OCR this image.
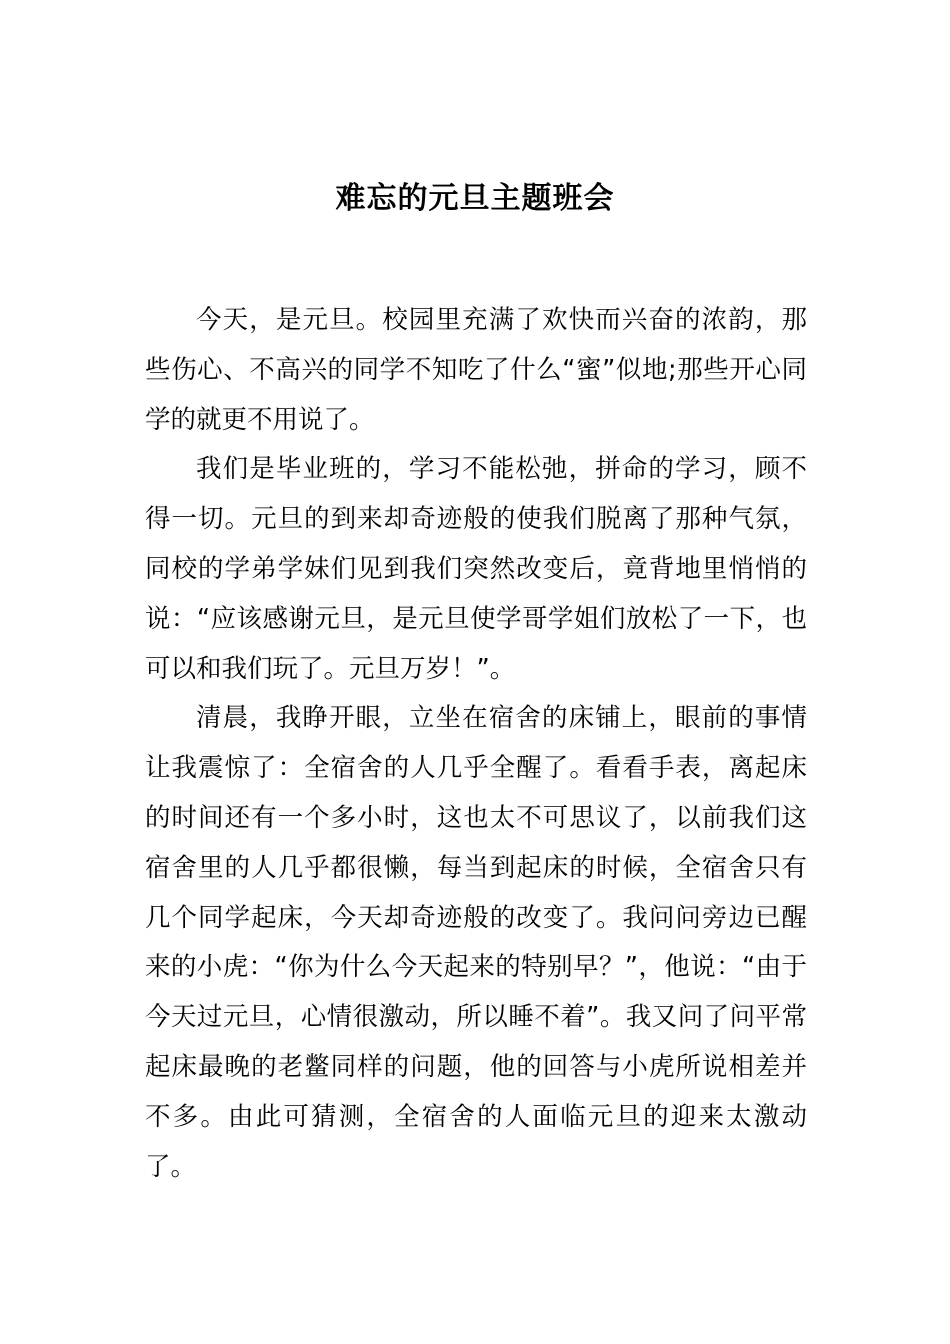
难忘的元旦主题班会

今天，是元旦。校园里充满了欢快而兴奋的浓韵，那些伤心、不高兴的同学不知吃了什么“蜜”似地;那些开心同学的就更不用说了。

我们是毕业班的，学习不能松弛，拼命的学习，顾不得一切。元旦的到来却奇迹般的使我们脱离了那种气氛，同校的学弟学妹们见到我们突然改变后，竟背地里悄悄的说：“应该感谢元旦，是元旦使学哥学姐们放松了一下，也可以和我们玩了。元旦万岁！”。

清晨，我睁开眼，立坐在宿舍的床铺上，眼前的事情让我震惊了：全宿舍的人几乎全醒了。看看手表，离起床的时间还有一个多小时，这也太不可思议了，以前我们这宿舍里的人几乎都很懒，每当到起床的时候，全宿舍只有几个同学起床，今天却奇迹般的改变了。我问问旁边已醒来的小虎：“你为什么今天起来的特别早？”，他说：“由于今天过元旦，心情很激动，所以睡不着”。我又问了问平常起床最晚的老鳖同样的问题，他的回答与小虎所说相差并不多。由此可猜测，全宿舍的人面临元旦的迎来太激动了。
